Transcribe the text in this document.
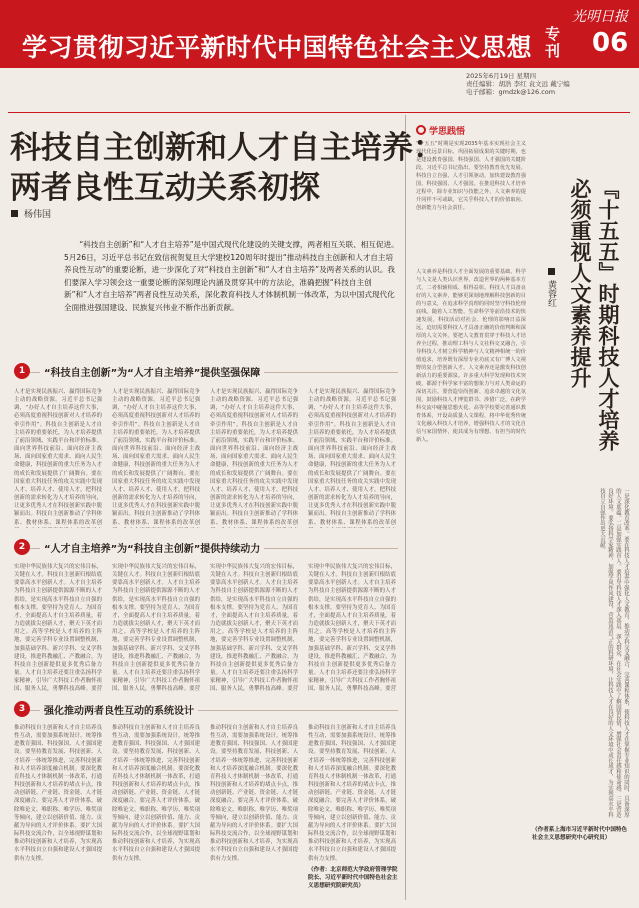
学习贯彻习近平新时代中国特色社会主义思想 专刊
光明日报
06
2025年6月19日 星期四
责任编辑：胡浩 李红 袁文远 戴宁编
电子邮箱：gmdzk@126.com
科技自主创新和人才自主培养：
两者良性互动关系初探
杨伟国
“科技自主创新”和“人才自主培养”是中国式现代化建设的关键支撑，两者相互关联、相互促进。5月26日，习近平总书记在致信祝贺复旦大学建校120周年时提出“推动科技自主创新和人才自主培养良性互动”的重要论断，进一步深化了对“科技自主创新”和“人才自主培养”及两者关系的认识。我们要深入学习领会这一重要论断的深刻理论内涵及贯穿其中的方法论，准确把握“科技自主创新”和“人才自主培养”两者良性互动关系，深化教育科技人才体制机制一体改革，为以中国式现代化全面推进强国建设、民族复兴伟业不断作出新贡献。
1	“科技自主创新”为“人才自主培养”提供坚强保障
人才是实现民族振兴、赢得国际竞争主动的战略资源。习近平总书记强调，“办好人才自主培养这件大事，必须高度重视科技创新对人才培养的牵引作用”。科技自主创新是人才自主培养的重要依托，为人才培养提供了前沿领域、实践平台和评价标准。面向世界科技前沿、面向经济主战场、面向国家重大需求、面向人民生命健康，科技创新的重大任务为人才的成长和发展提供了广阔舞台。要在国家重大科技任务的攻关实践中发现人才、培养人才、使用人才，把科技创新的需求转化为人才培养的导向，让更多优秀人才在科技创新实践中脱颖而出。科技自主创新推动了学科体系、教材体系、课程体系的改革创
人才是实现民族振兴、赢得国际竞争主动的战略资源。习近平总书记强调，“办好人才自主培养这件大事，必须高度重视科技创新对人才培养的牵引作用”。科技自主创新是人才自主培养的重要依托，为人才培养提供了前沿领域、实践平台和评价标准。面向世界科技前沿、面向经济主战场、面向国家重大需求、面向人民生命健康，科技创新的重大任务为人才的成长和发展提供了广阔舞台。要在国家重大科技任务的攻关实践中发现人才、培养人才、使用人才，把科技创新的需求转化为人才培养的导向，让更多优秀人才在科技创新实践中脱颖而出。科技自主创新推动了学科体系、教材体系、课程体系的改革创
人才是实现民族振兴、赢得国际竞争主动的战略资源。习近平总书记强调，“办好人才自主培养这件大事，必须高度重视科技创新对人才培养的牵引作用”。科技自主创新是人才自主培养的重要依托，为人才培养提供了前沿领域、实践平台和评价标准。面向世界科技前沿、面向经济主战场、面向国家重大需求、面向人民生命健康，科技创新的重大任务为人才的成长和发展提供了广阔舞台。要在国家重大科技任务的攻关实践中发现人才、培养人才、使用人才，把科技创新的需求转化为人才培养的导向，让更多优秀人才在科技创新实践中脱颖而出。科技自主创新推动了学科体系、教材体系、课程体系的改革创
人才是实现民族振兴、赢得国际竞争主动的战略资源。习近平总书记强调，“办好人才自主培养这件大事，必须高度重视科技创新对人才培养的牵引作用”。科技自主创新是人才自主培养的重要依托，为人才培养提供了前沿领域、实践平台和评价标准。面向世界科技前沿、面向经济主战场、面向国家重大需求、面向人民生命健康，科技创新的重大任务为人才的成长和发展提供了广阔舞台。要在国家重大科技任务的攻关实践中发现人才、培养人才、使用人才，把科技创新的需求转化为人才培养的导向，让更多优秀人才在科技创新实践中脱颖而出。科技自主创新推动了学科体系、教材体系、课程体系的改革创
2	“人才自主培养”为“科技自主创新”提供持续动力
实现中华民族伟大复兴的宏伟目标，关键在人才。科技自主创新归根结底要靠高水平创新人才。人才自主培养为科技自主创新提供源源不断的人才供给，是实现高水平科技自立自强的根本支撑。要坚持为党育人、为国育才，全面提高人才自主培养质量，着力造就拔尖创新人才，聚天下英才而用之。高等学校是人才培养的主阵地，要完善学科专业设置调整机制，加强基础学科、新兴学科、交叉学科建设，推进科教融汇、产教融合，为科技自主创新提供更多优秀后备力量。人才自主培养还要注重弘扬科学家精神，引导广大科技工作者胸怀祖国、服务人民，勇攀科技高峰。要营
实现中华民族伟大复兴的宏伟目标，关键在人才。科技自主创新归根结底要靠高水平创新人才。人才自主培养为科技自主创新提供源源不断的人才供给，是实现高水平科技自立自强的根本支撑。要坚持为党育人、为国育才，全面提高人才自主培养质量，着力造就拔尖创新人才，聚天下英才而用之。高等学校是人才培养的主阵地，要完善学科专业设置调整机制，加强基础学科、新兴学科、交叉学科建设，推进科教融汇、产教融合，为科技自主创新提供更多优秀后备力量。人才自主培养还要注重弘扬科学家精神，引导广大科技工作者胸怀祖国、服务人民，勇攀科技高峰。要营
实现中华民族伟大复兴的宏伟目标，关键在人才。科技自主创新归根结底要靠高水平创新人才。人才自主培养为科技自主创新提供源源不断的人才供给，是实现高水平科技自立自强的根本支撑。要坚持为党育人、为国育才，全面提高人才自主培养质量，着力造就拔尖创新人才，聚天下英才而用之。高等学校是人才培养的主阵地，要完善学科专业设置调整机制，加强基础学科、新兴学科、交叉学科建设，推进科教融汇、产教融合，为科技自主创新提供更多优秀后备力量。人才自主培养还要注重弘扬科学家精神，引导广大科技工作者胸怀祖国、服务人民，勇攀科技高峰。要营
实现中华民族伟大复兴的宏伟目标，关键在人才。科技自主创新归根结底要靠高水平创新人才。人才自主培养为科技自主创新提供源源不断的人才供给，是实现高水平科技自立自强的根本支撑。要坚持为党育人、为国育才，全面提高人才自主培养质量，着力造就拔尖创新人才，聚天下英才而用之。高等学校是人才培养的主阵地，要完善学科专业设置调整机制，加强基础学科、新兴学科、交叉学科建设，推进科教融汇、产教融合，为科技自主创新提供更多优秀后备力量。人才自主培养还要注重弘扬科学家精神，引导广大科技工作者胸怀祖国、服务人民，勇攀科技高峰。要营
3	强化推动两者良性互动的系统设计
推动科技自主创新和人才自主培养良性互动，需要加强系统设计，统筹推进教育强国、科技强国、人才强国建设。要坚持教育发展、科技创新、人才培养一体统筹推进，完善科技创新和人才培养深度融合机制。要深化教育科技人才体制机制一体改革，打通科技创新和人才培养的堵点卡点，推动创新链、产业链、资金链、人才链深度融合。要完善人才评价体系，破除唯论文、唯职称、唯学历、唯奖项等倾向，建立以创新价值、能力、贡献为导向的人才评价体系。要扩大国际科技交流合作，以全球视野谋划和推动科技创新和人才培养，为实现高水平科技自立自强和建设人才强国提供有力支撑。
推动科技自主创新和人才自主培养良性互动，需要加强系统设计，统筹推进教育强国、科技强国、人才强国建设。要坚持教育发展、科技创新、人才培养一体统筹推进，完善科技创新和人才培养深度融合机制。要深化教育科技人才体制机制一体改革，打通科技创新和人才培养的堵点卡点，推动创新链、产业链、资金链、人才链深度融合。要完善人才评价体系，破除唯论文、唯职称、唯学历、唯奖项等倾向，建立以创新价值、能力、贡献为导向的人才评价体系。要扩大国际科技交流合作，以全球视野谋划和推动科技创新和人才培养，为实现高水平科技自立自强和建设人才强国提供有力支撑。
推动科技自主创新和人才自主培养良性互动，需要加强系统设计，统筹推进教育强国、科技强国、人才强国建设。要坚持教育发展、科技创新、人才培养一体统筹推进，完善科技创新和人才培养深度融合机制。要深化教育科技人才体制机制一体改革，打通科技创新和人才培养的堵点卡点，推动创新链、产业链、资金链、人才链深度融合。要完善人才评价体系，破除唯论文、唯职称、唯学历、唯奖项等倾向，建立以创新价值、能力、贡献为导向的人才评价体系。要扩大国际科技交流合作，以全球视野谋划和推动科技创新和人才培养，为实现高水平科技自立自强和建设人才强国提供有力支撑。
推动科技自主创新和人才自主培养良性互动，需要加强系统设计，统筹推进教育强国、科技强国、人才强国建设。要坚持教育发展、科技创新、人才培养一体统筹推进，完善科技创新和人才培养深度融合机制。要深化教育科技人才体制机制一体改革，打通科技创新和人才培养的堵点卡点，推动创新链、产业链、资金链、人才链深度融合。要完善人才评价体系，破除唯论文、唯职称、唯学历、唯奖项等倾向，建立以创新价值、能力、贡献为导向的人才评价体系。要扩大国际科技交流合作，以全球视野谋划和推动科技创新和人才培养，为实现高水平科技自立自强和建设人才强国提供有力支撑。
（作者：北京师范大学政府管理学院院长、习近平新时代中国特色社会主义思想研究院研究员）
学思践悟
“十五五”时期是实现2035年基本实现社会主义现代化远景目标、巩固拓展成果的关键时期，也是建设教育强国、科技强国、人才强国的关键阶段。习近平总书记指出，要坚持教育优先发展、科技自立自强、人才引领驱动，加快建设教育强国、科技强国、人才强国。在推进科技人才培养过程中，除专业知识与技能之外，人文素养的提升同样不可或缺，它关乎科技人才的价值取向、创新能力与社会责任。	『十五五』时期科技人才培养
必须重视人文素养提升
黄蓉红
人文素养是科技人才全面发展的重要基础。科学与人文是人类认识世界、改造世界的两种基本方式，二者相辅相成、相得益彰。科技人才具备良好的人文素养，能够更深刻地理解科技创新的目的与意义，在追求科学真理的同时坚守科技伦理底线。随着人工智能、生命科学等前沿技术的快速发展，科技活动对社会、伦理的影响日益深远，迫切需要科技人才具备正确的价值判断和深厚的人文关怀。要把人文教育贯穿于科技人才培养全过程，推动理工科与人文社科交叉融合，引导科技人才树立科学精神与人文精神相统一的价值追求，培养既有深厚专业功底又有广博人文视野的复合型创新人才。人文素养还是激发科技创新活力的重要源泉。许多重大科学发现和技术突破，都源于科学家丰富的想象力与对人类命运的深切关注。要营造崇尚创新、追求卓越的文化氛围，鼓励科技人才博览群书、涉猎广泛，在跨学科交流中碰撞思想火花。高等学校要完善通识教育体系，开设高质量人文课程，将中华优秀传统文化融入科技人才培养，增强科技人才的文化自信与家国情怀，使其成为有理想、有担当的时代新人。
一是深化教育改革。要在科技人才培养中强化人文教育，推动学科交叉融合，完善课程体系，使科技人才在掌握专业知识的同时，具备深厚的人文底蕴。二是加强实践育人。要引导科技人才深入基层、深入群众，在社会实践中了解国情民情，增强社会责任感和使命感。三是营造良好环境。要弘扬科学家精神，加强学风作风建设，营造风清气正的科研环境，让科技人才在良好的人文环境中成长成才，为实现高水平科技自立自强作出更大贡献。
（作者系上海市习近平新时代中国特色社会主义思想研究中心研究员）
